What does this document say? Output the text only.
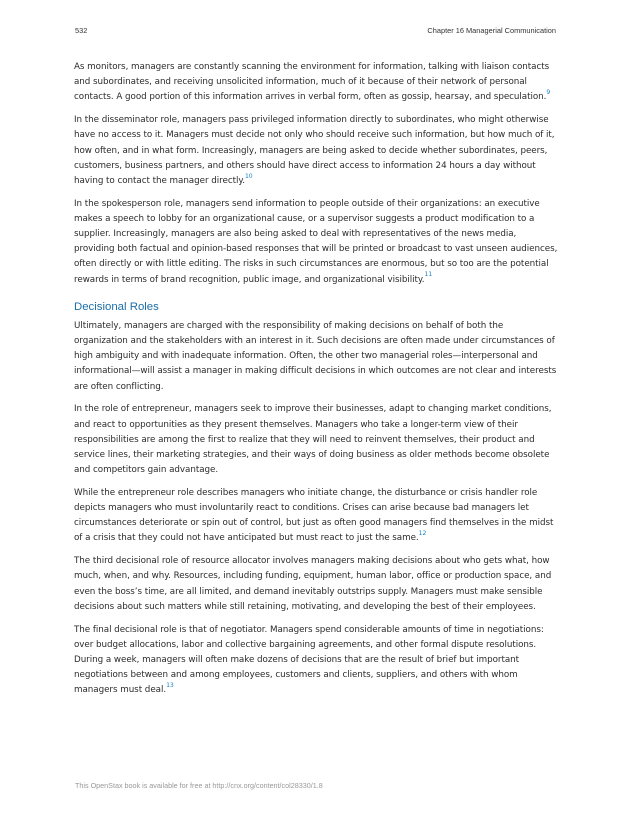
532	Chapter 16 Managerial Communication

As monitors, managers are constantly scanning the environment for information, talking with liaison contacts and subordinates, and receiving unsolicited information, much of it because of their network of personal contacts. A good portion of this information arrives in verbal form, often as gossip, hearsay, and speculation.$^9$

In the disseminator role, managers pass privileged information directly to subordinates, who might otherwise have no access to it. Managers must decide not only who should receive such information, but how much of it, how often, and in what form. Increasingly, managers are being asked to decide whether subordinates, peers, customers, business partners, and others should have direct access to information 24 hours a day without having to contact the manager directly.$^{10}$

In the spokesperson role, managers send information to people outside of their organizations: an executive makes a speech to lobby for an organizational cause, or a supervisor suggests a product modification to a supplier. Increasingly, managers are also being asked to deal with representatives of the news media, providing both factual and opinion-based responses that will be printed or broadcast to vast unseen audiences, often directly or with little editing. The risks in such circumstances are enormous, but so too are the potential rewards in terms of brand recognition, public image, and organizational visibility.$^{11}$

Decisional Roles

Ultimately, managers are charged with the responsibility of making decisions on behalf of both the organization and the stakeholders with an interest in it. Such decisions are often made under circumstances of high ambiguity and with inadequate information. Often, the other two managerial roles—interpersonal and informational—will assist a manager in making difficult decisions in which outcomes are not clear and interests are often conflicting.

In the role of entrepreneur, managers seek to improve their businesses, adapt to changing market conditions, and react to opportunities as they present themselves. Managers who take a longer-term view of their responsibilities are among the first to realize that they will need to reinvent themselves, their product and service lines, their marketing strategies, and their ways of doing business as older methods become obsolete and competitors gain advantage.

While the entrepreneur role describes managers who initiate change, the disturbance or crisis handler role depicts managers who must involuntarily react to conditions. Crises can arise because bad managers let circumstances deteriorate or spin out of control, but just as often good managers find themselves in the midst of a crisis that they could not have anticipated but must react to just the same.$^{12}$

The third decisional role of resource allocator involves managers making decisions about who gets what, how much, when, and why. Resources, including funding, equipment, human labor, office or production space, and even the boss’s time, are all limited, and demand inevitably outstrips supply. Managers must make sensible decisions about such matters while still retaining, motivating, and developing the best of their employees.

The final decisional role is that of negotiator. Managers spend considerable amounts of time in negotiations: over budget allocations, labor and collective bargaining agreements, and other formal dispute resolutions. During a week, managers will often make dozens of decisions that are the result of brief but important negotiations between and among employees, customers and clients, suppliers, and others with whom managers must deal.$^{13}$

This OpenStax book is available for free at http://cnx.org/content/col28330/1.8
